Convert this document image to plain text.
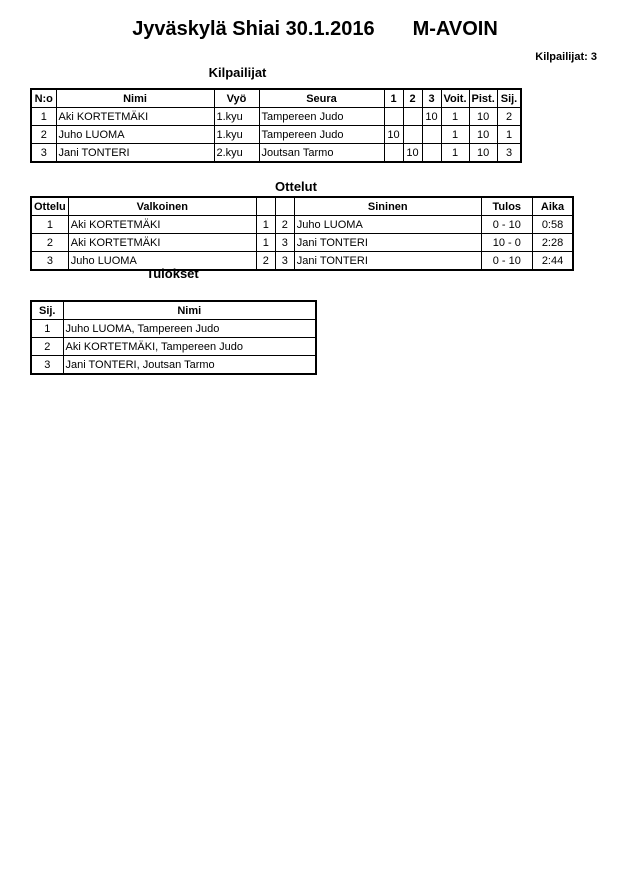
Jyväskylä Shiai 30.1.2016 M-AVOIN
Kilpailijat: 3
Kilpailijat
N:o	Nimi	Vyö	Seura	1	2	3	Voit.	Pist.	Sij.
1	Aki KORTETMÄKI	1.kyu	Tampereen Judo			10	1	10	2
2	Juho LUOMA	1.kyu	Tampereen Judo	10			1	10	1
3	Jani TONTERI	2.kyu	Joutsan Tarmo		10		1	10	3
Ottelut
Ottelu	Valkoinen			Sininen	Tulos	Aika
1	Aki KORTETMÄKI	1	2	Juho LUOMA	0 - 10	0:58
2	Aki KORTETMÄKI	1	3	Jani TONTERI	10 - 0	2:28
3	Juho LUOMA	2	3	Jani TONTERI	0 - 10	2:44
Tulokset
Sij.	Nimi
1	Juho LUOMA, Tampereen Judo
2	Aki KORTETMÄKI, Tampereen Judo
3	Jani TONTERI, Joutsan Tarmo
